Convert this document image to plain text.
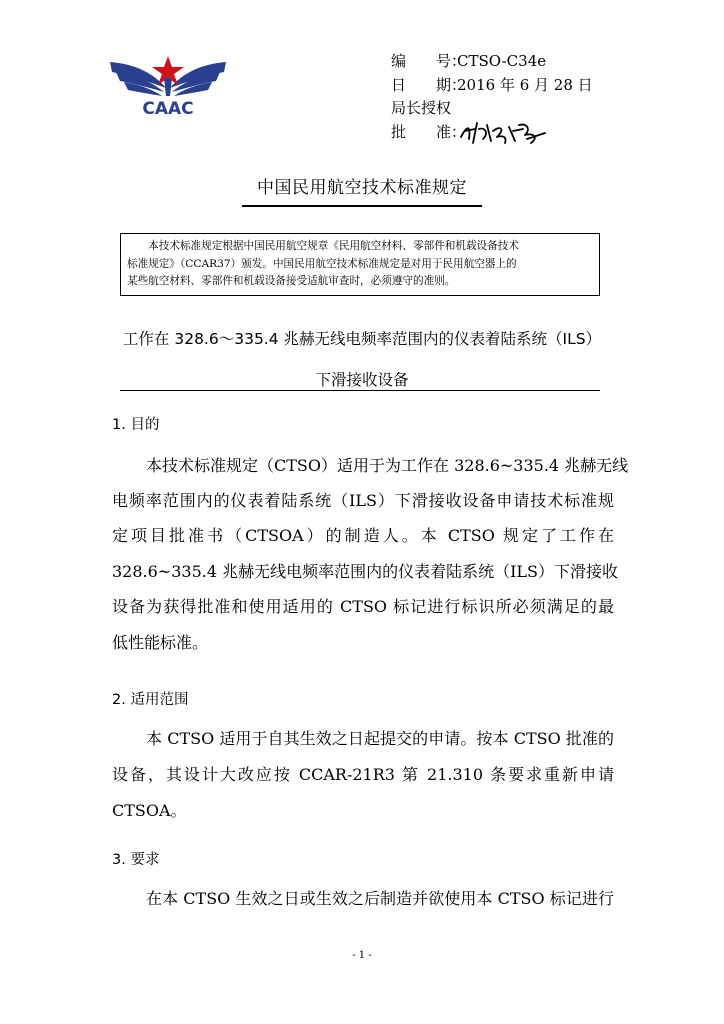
CAAC
编　　号：
CTSO-C34e
日　　期：
2016 年 6 月 28 日
局长授权
批　　准：
中国民用航空技术标准规定
　　本技术标准规定根据中国民用航空规章《民用航空材料、零部件和机载设备技术
标准规定》（CCAR37）颁发。中国民用航空技术标准规定是对用于民用航空器上的
某些航空材料、零部件和机载设备接受适航审查时，必须遵守的准则。
工作在 328.6～335.4 兆赫无线电频率范围内的仪表着陆系统（ILS）
下滑接收设备
1. 目的
本技术标准规定（CTSO）适用于为工作在 328.6~335.4 兆赫无线
电频率范围内的仪表着陆系统（ILS）下滑接收设备申请技术标准规
定项目批准书（CTSOA）的制造人。本 CTSO 规定了工作在
328.6~335.4 兆赫无线电频率范围内的仪表着陆系统（ILS）下滑接收
设备为获得批准和使用适用的 CTSO 标记进行标识所必须满足的最
低性能标准。
2. 适用范围
本 CTSO 适用于自其生效之日起提交的申请。按本 CTSO 批准的
设备，其设计大改应按 CCAR-21R3 第 21.310 条要求重新申请
CTSOA。
3. 要求
在本 CTSO 生效之日或生效之后制造并欲使用本 CTSO 标记进行
- 1 -
